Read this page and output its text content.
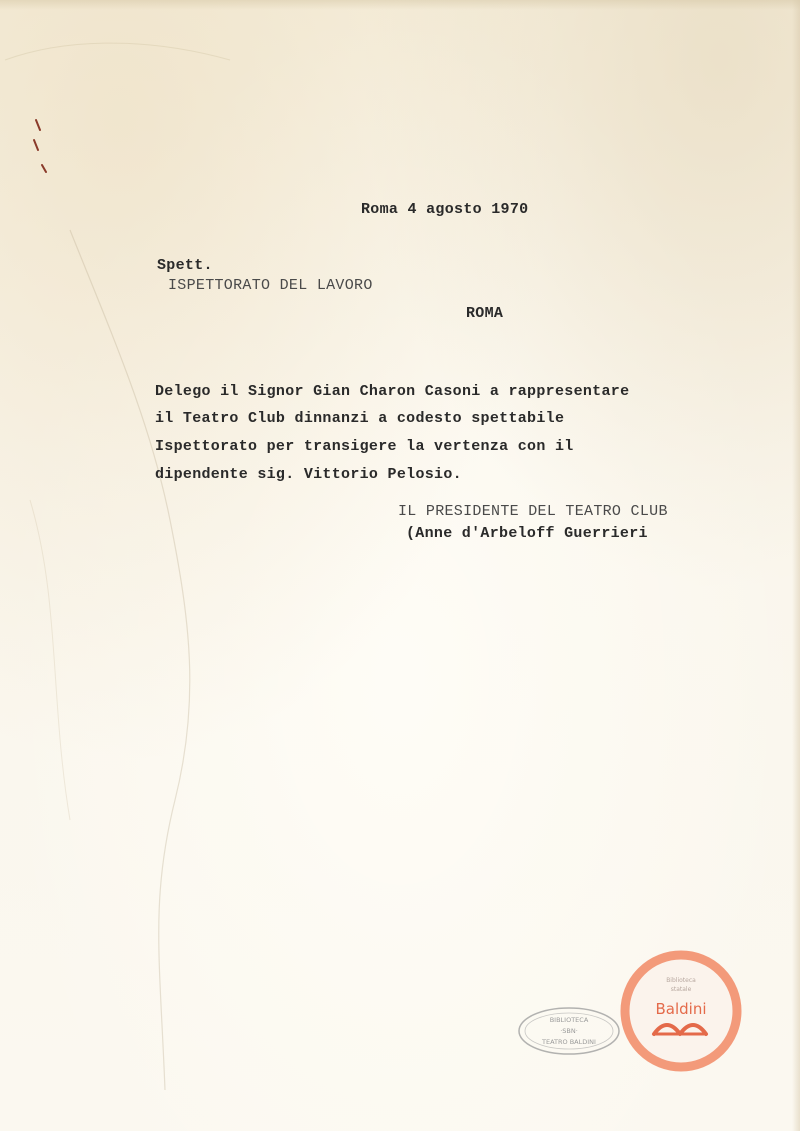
Roma 4 agosto 1970
Spett.
ISPETTORATO DEL LAVORO
ROMA
Delego il Signor Gian Charon Casoni a rappresentare
il Teatro Club dinnanzi a codesto spettabile
Ispettorato per transigere la vertenza con il
dipendente sig. Vittorio Pelosio.
IL PRESIDENTE DEL TEATRO CLUB
(Anne d'Arbeloff Guerrieri
BIBLIOTECA
·SBN·
TEATRO BALDINI
Biblioteca
statale
Baldini
